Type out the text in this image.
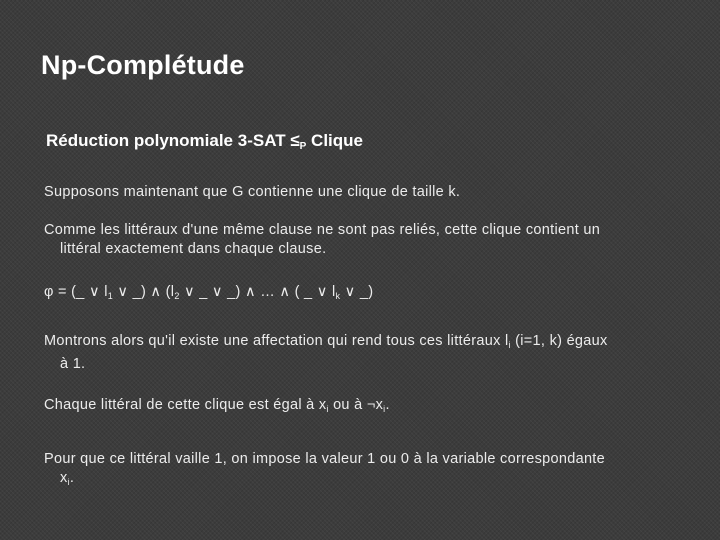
Np-Complétude
Réduction polynomiale $3-SAT \le_P$ Clique
Supposons maintenant que G contienne une clique de taille k.
Comme les littéraux d'une même clause ne sont pas reliés, cette clique contient un
littéral exactement dans chaque clause.
φ = (_ ∨ $l_1$ ∨ _) ∧ ($l_2$ ∨ _ ∨ _) ∧ … ∧ ( _ ∨ $l_k$ ∨ _)
Montrons alors qu'il existe une affectation qui rend tous ces littéraux $l_i$ (i=1, k) égaux
à 1.
Chaque littéral de cette clique est égal à $x_i$ ou à $\neg x_i$.
Pour que ce littéral vaille 1, on impose la valeur 1 ou 0 à la variable correspondante
$x_i$.
